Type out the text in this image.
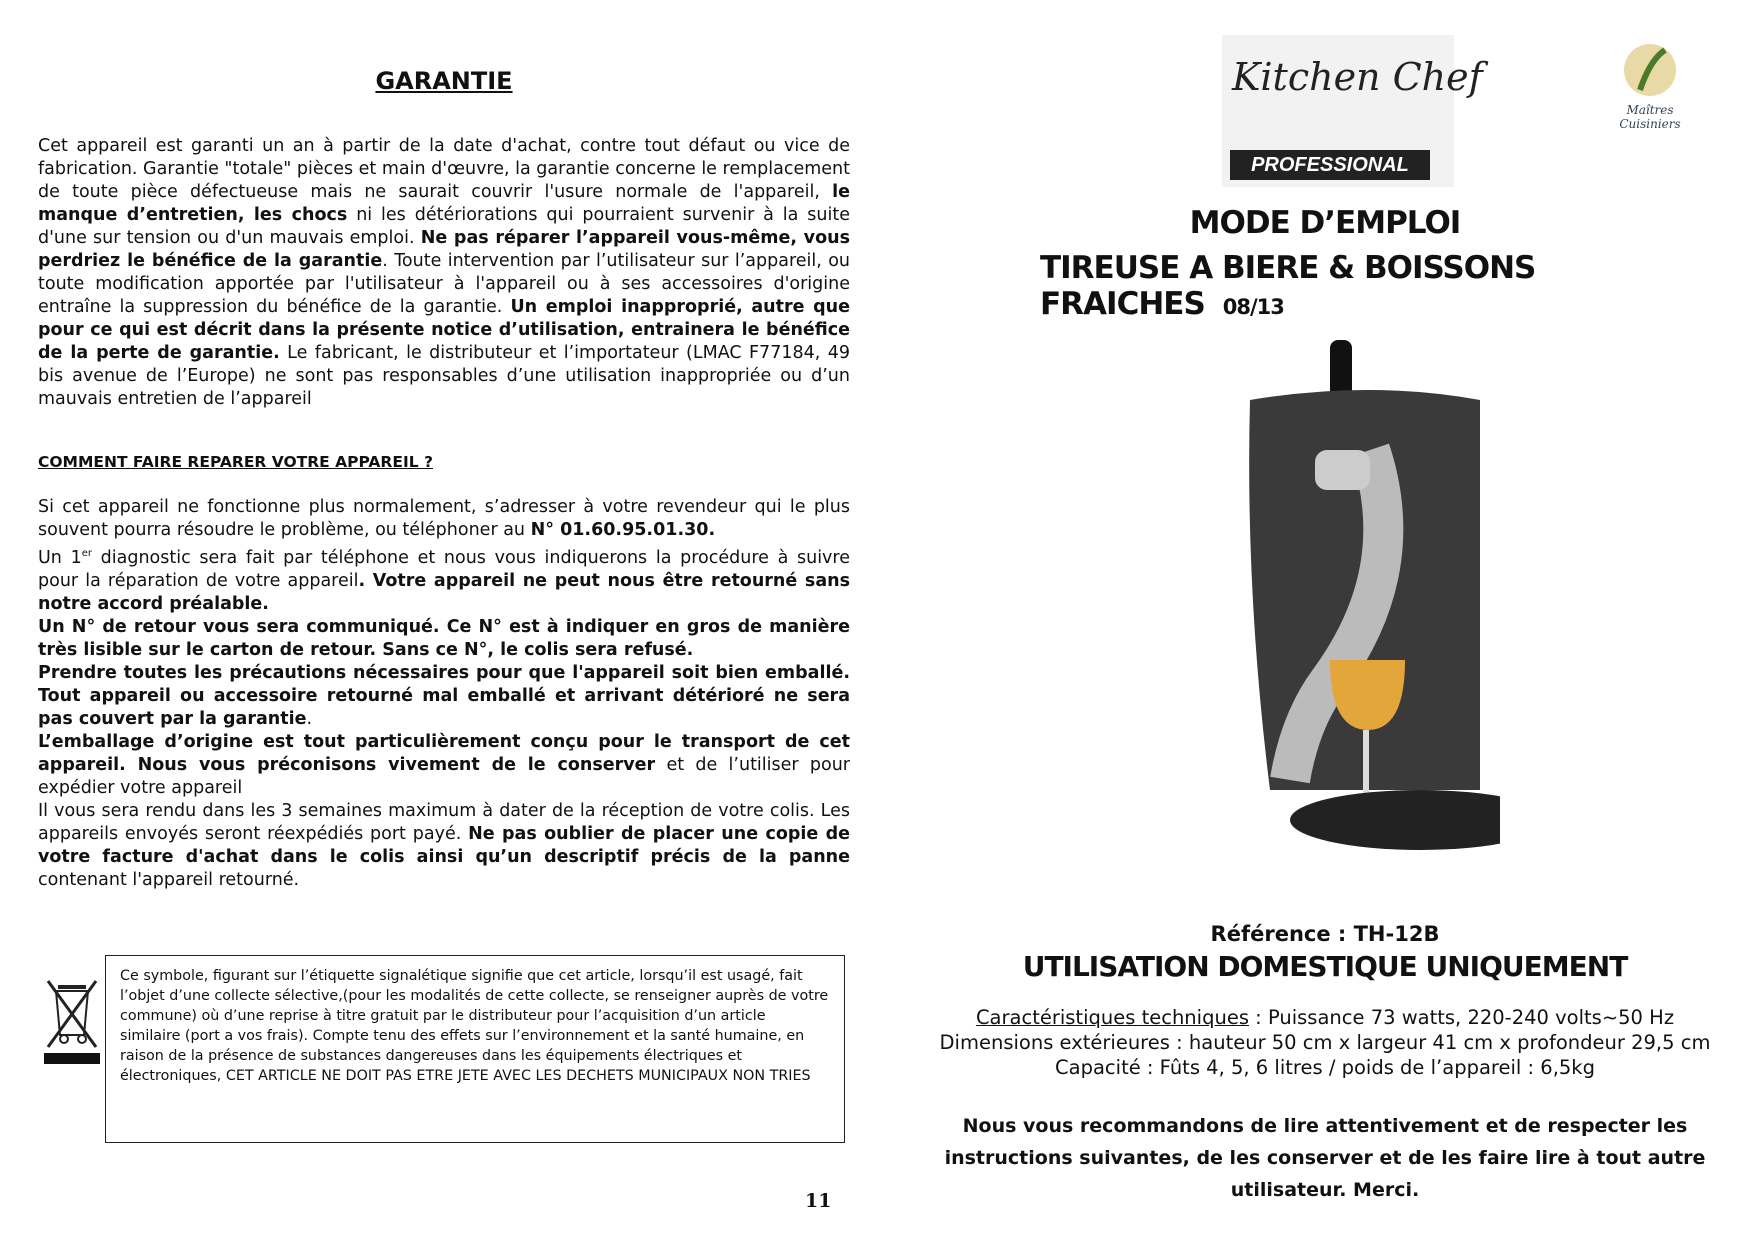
GARANTIE

Cet appareil est garanti un an à partir de la date d'achat, contre tout défaut ou vice de fabrication. Garantie "totale" pièces et main d'œuvre, la garantie concerne le remplacement de toute pièce défectueuse mais ne saurait couvrir l'usure normale de l'appareil, le manque d’entretien, les chocs ni les détériorations qui pourraient survenir à la suite d'une sur tension ou d'un mauvais emploi. Ne pas réparer l’appareil vous-même, vous perdriez le bénéfice de la garantie. Toute intervention par l’utilisateur sur l’appareil, ou toute modification apportée par l'utilisateur à l'appareil ou à ses accessoires d'origine entraîne la suppression du bénéfice de la garantie. Un emploi inapproprié, autre que pour ce qui est décrit dans la présente notice d’utilisation, entrainera le bénéfice de la perte de garantie. Le fabricant, le distributeur et l’importateur (LMAC F77184, 49 bis avenue de l’Europe) ne sont pas responsables d’une utilisation inappropriée ou d’un mauvais entretien de l’appareil

COMMENT FAIRE REPARER VOTRE APPAREIL ?

Si cet appareil ne fonctionne plus normalement, s’adresser à votre revendeur qui le plus souvent pourra résoudre le problème, ou téléphoner au N° 01.60.95.01.30.
Un 1er diagnostic sera fait par téléphone et nous vous indiquerons la procédure à suivre pour la réparation de votre appareil. Votre appareil ne peut nous être retourné sans notre accord préalable.
Un N° de retour vous sera communiqué. Ce N° est à indiquer en gros de manière très lisible sur le carton de retour. Sans ce N°, le colis sera refusé.
Prendre toutes les précautions nécessaires pour que l'appareil soit bien emballé. Tout appareil ou accessoire retourné mal emballé et arrivant détérioré ne sera pas couvert par la garantie.
L’emballage d’origine est tout particulièrement conçu pour le transport de cet appareil. Nous vous préconisons vivement de le conserver et de l’utiliser pour expédier votre appareil
Il vous sera rendu dans les 3 semaines maximum à dater de la réception de votre colis. Les appareils envoyés seront réexpédiés port payé. Ne pas oublier de placer une copie de votre facture d'achat dans le colis ainsi qu’un descriptif précis de la panne contenant l'appareil retourné.

Ce symbole, figurant sur l’étiquette signalétique signifie que cet article, lorsqu’il est usagé, fait l’objet d’une collecte sélective,(pour les modalités de cette collecte, se renseigner auprès de votre commune) où d’une reprise à titre gratuit par le distributeur pour l’acquisition d’un article similaire (port a vos frais). Compte tenu des effets sur l’environnement et la santé humaine, en raison de la présence de substances dangereuses dans les équipements électriques et électroniques, CET ARTICLE NE DOIT PAS ETRE JETE AVEC LES DECHETS MUNICIPAUX NON TRIES
11
Kitchen Chef
PROFESSIONAL
Maîtres Cuisiniers
MODE D’EMPLOI
TIREUSE A BIERE & BOISSONS FRAICHES 08/13
Référence : TH-12B
UTILISATION DOMESTIQUE UNIQUEMENT
Caractéristiques techniques : Puissance 73 watts, 220-240 volts~50 Hz
Dimensions extérieures : hauteur 50 cm x largeur 41 cm x profondeur 29,5 cm
Capacité : Fûts 4, 5, 6 litres / poids de l’appareil : 6,5kg
Nous vous recommandons de lire attentivement et de respecter les instructions suivantes, de les conserver et de les faire lire à tout autre utilisateur. Merci.
